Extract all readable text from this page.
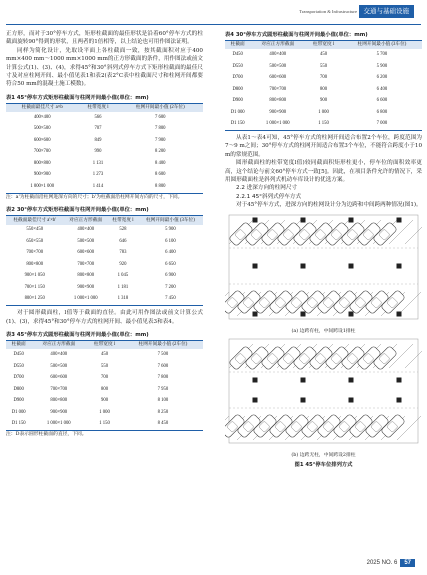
Transportation & Infrastructure	交通与基础设施

正方形，而对于30°停车方式，矩形柱截面的最佳形状是沿着60°停车方式的柱截面旋转90°得到的形状，且两者的1倍相等，以上结论也可用作图法证明。

同样为简化设计，先取设平面上各柱截面一致，按其截面积对应于400 mm×400 mm～1000 mm×1000 mm的正方形截面的条件，用作图法或前文计算公式(1)、(3)、(4)，求得45°和30°斜列式停车方式下矩形柱截面的最佳尺寸及对应柱网开间、最小值见表1和表2(表2°C表中柱截面尺寸和柱网开间都要符合50 mm的混凝土施工模数)。

表1 45°停车方式矩形柱截面与柱网开间最小值(单位：mm)
柱截面最佳尺寸 a×b	柱带宽度 l	柱网开间最小值 (2车位)
400×400	566	7 600
500×500	707	7 800
600×600	849	7 900
700×700	990	8 200
800×800	1 131	8 400
900×900	1 273	8 600
1 000×1 000	1 414	8 800
注：a'为柱截面沿柱网进深方向的尺寸；b'为柱截面沿柱网开间方向的尺寸，下同。
表2 30°停车方式矩形柱截面与柱网开间最小值(单位：mm)
柱截面最佳尺寸 a'×b'	对应正方形截面	柱带宽度 l	柱网开间最小值 (3车位)
550×450	400×400	528	5 900
650×550	500×500	646	6 100
700×700	600×600	783	6 400
800×800	700×700	920	6 650
900×1 050	800×800	1 045	6 900
700×1 150	900×900	1 181	7 200
800×1 250	1 000×1 000	1 318	7 450

对于圆形截面柱，l值等于截面的直径。由此可用作图法或前文计算公式(1)、(3)，求得45°和30°停车方式的柱网开间、最小值见表3和表4。

表3 45°停车方式圆形柱截面与柱网开间最小值(单位：mm)
柱截面	对应正方形截面	柱带宽度 l	柱网开间最小值 (2车位)
D450	400×400	450	7 500
D550	500×500	550	7 600
D700	600×600	700	7 800
D800	700×700	800	7 950
D900	800×800	900	8 100
D1 000	900×900	1 000	8 250
D1 150	1 000×1 000	1 150	8 450
注：D表示圆形柱截面的直径，下同。
表4 30°停车方式圆形柱截面与柱网开间最小值(单位：mm)
柱截面	对应正方形截面	柱带宽度 l	柱网开间最小值 (3车位)
D450	400×400	450	5 700
D550	500×500	550	5 900
D700	600×600	700	6 200
D800	700×700	800	6 400
D900	800×800	900	6 600
D1 000	900×900	1 000	6 800
D1 150	1 000×1 000	1 150	7 000

从表1～表4可知，45°停车方式的柱网开间适合布置2个车位，跨度范围为7～9 m之间；30°停车方式的柱网开间适合布置3个车位，不能符合跨度小于10 m的常规范围。

圆形截面柱的柱带宽度l值)较同截面积矩形柱更小，停车位的面积效率更高，这个结论与前文60°停车方式一致[5]。因此，在项目条件允许的情况下，采用圆形截面柱是斜列式机动车库设计的优选方案。

2.2 进深方向的柱网尺寸

2.2.1 45°斜列式停车方式

对于45°停车方式，进深方向的柱网设计分为边跨和中间跨两种情况(图1)。

(a) 边跨有柱，中间跨设1排柱
(b) 边跨无柱，中间跨设2排柱
图1 45°停车位排列方式
2025 NO. 6 57
